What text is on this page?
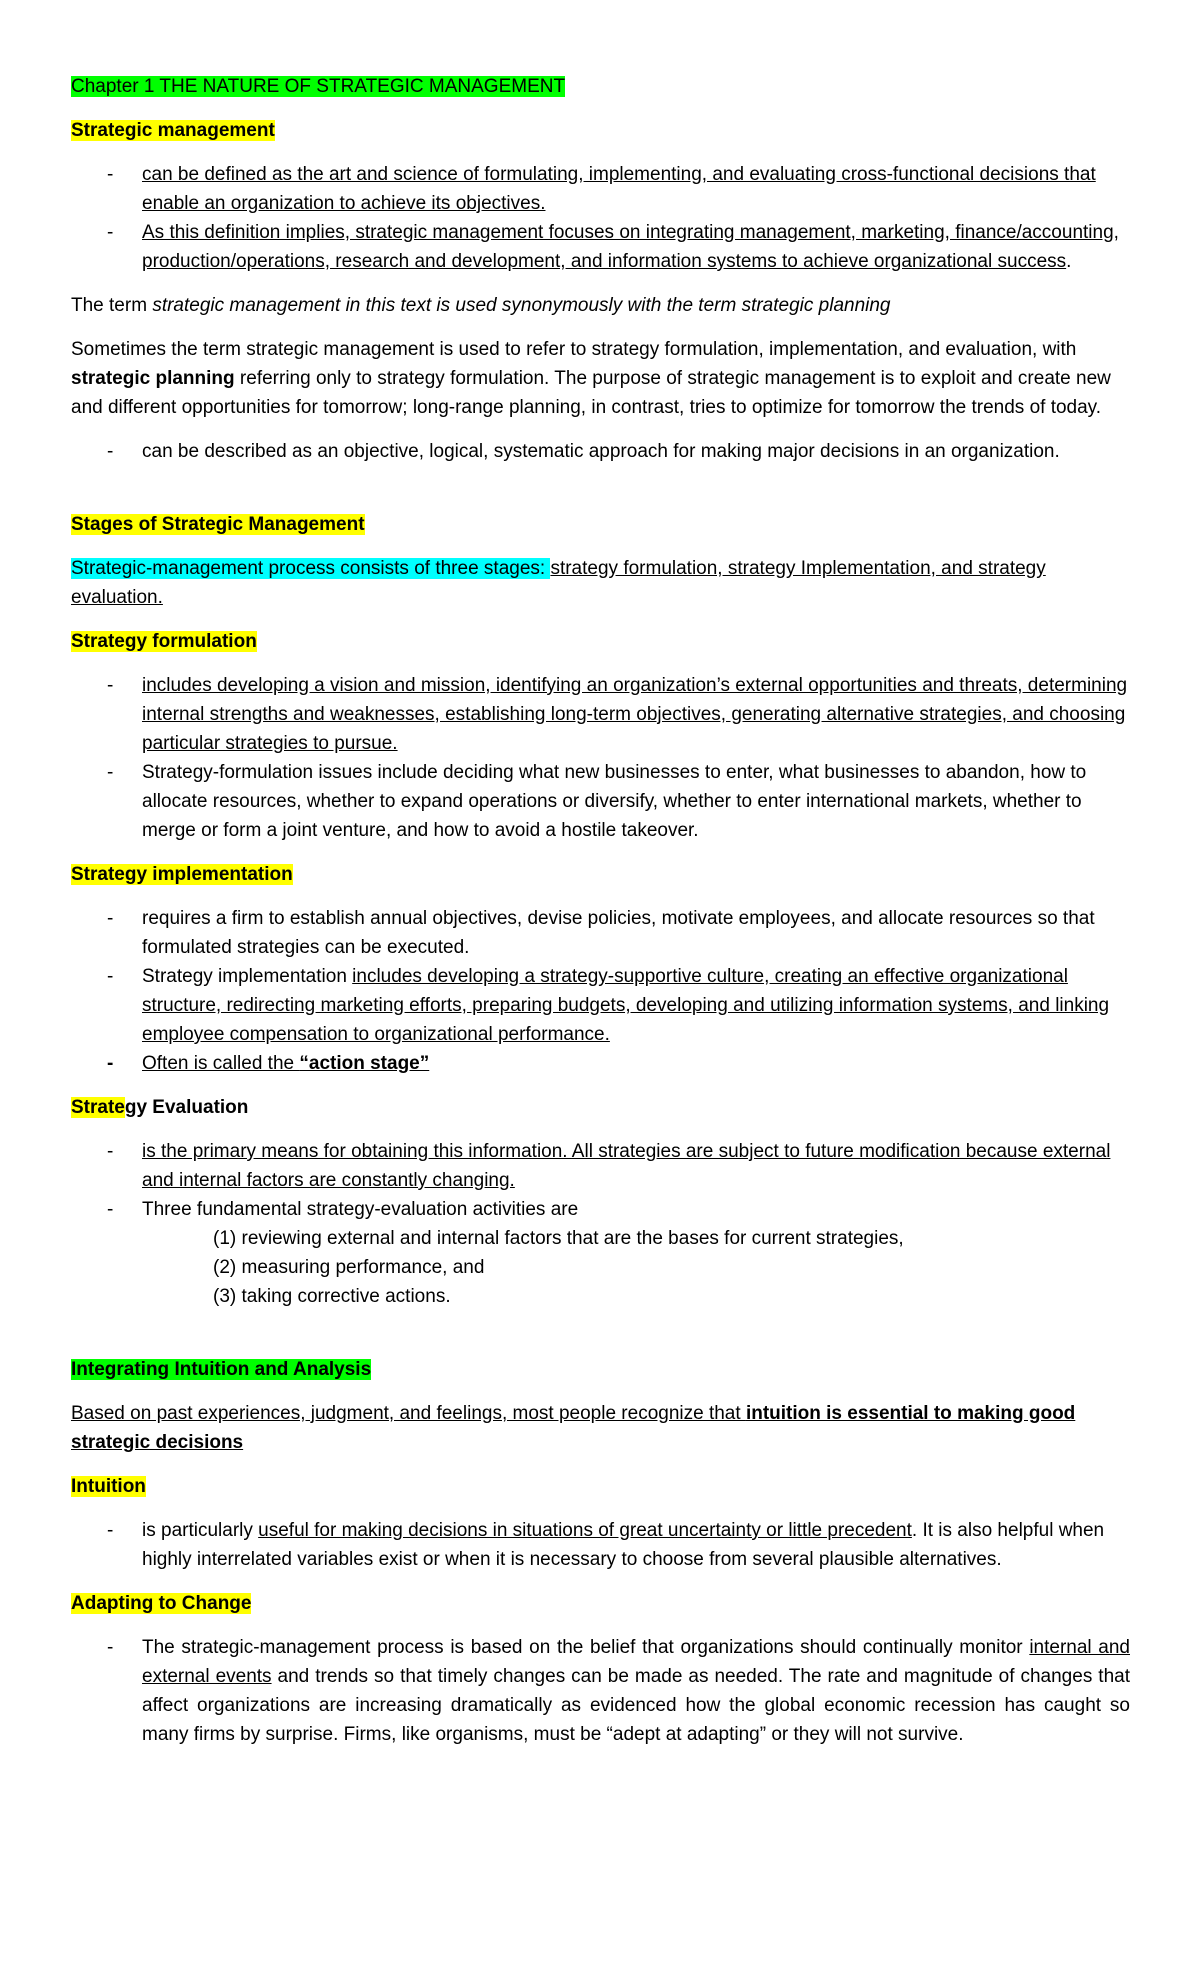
Chapter 1 THE NATURE OF STRATEGIC MANAGEMENT

Strategic management

- can be defined as the art and science of formulating, implementing, and evaluating cross-functional decisions that enable an organization to achieve its objectives.
- As this definition implies, strategic management focuses on integrating management, marketing, finance/accounting, production/operations, research and development, and information systems to achieve organizational success.

The term strategic management in this text is used synonymously with the term strategic planning

Sometimes the term strategic management is used to refer to strategy formulation, implementation, and evaluation, with strategic planning referring only to strategy formulation. The purpose of strategic management is to exploit and create new and different opportunities for tomorrow; long-range planning, in contrast, tries to optimize for tomorrow the trends of today.

- can be described as an objective, logical, systematic approach for making major decisions in an organization.

Stages of Strategic Management

Strategic-management process consists of three stages: strategy formulation, strategy Implementation, and strategy evaluation.

Strategy formulation

- includes developing a vision and mission, identifying an organization’s external opportunities and threats, determining internal strengths and weaknesses, establishing long-term objectives, generating alternative strategies, and choosing particular strategies to pursue.
- Strategy-formulation issues include deciding what new businesses to enter, what businesses to abandon, how to allocate resources, whether to expand operations or diversify, whether to enter international markets, whether to merge or form a joint venture, and how to avoid a hostile takeover.

Strategy implementation

- requires a firm to establish annual objectives, devise policies, motivate employees, and allocate resources so that formulated strategies can be executed.
- Strategy implementation includes developing a strategy-supportive culture, creating an effective organizational structure, redirecting marketing efforts, preparing budgets, developing and utilizing information systems, and linking employee compensation to organizational performance.
- Often is called the “action stage”

Strategy Evaluation

- is the primary means for obtaining this information. All strategies are subject to future modification because external and internal factors are constantly changing.
- Three fundamental strategy-evaluation activities are
(1) reviewing external and internal factors that are the bases for current strategies,
(2) measuring performance, and
(3) taking corrective actions.

Integrating Intuition and Analysis

Based on past experiences, judgment, and feelings, most people recognize that intuition is essential to making good strategic decisions

Intuition

- is particularly useful for making decisions in situations of great uncertainty or little precedent. It is also helpful when highly interrelated variables exist or when it is necessary to choose from several plausible alternatives.

Adapting to Change

- The strategic-management process is based on the belief that organizations should continually monitor internal and external events and trends so that timely changes can be made as needed. The rate and magnitude of changes that affect organizations are increasing dramatically as evidenced how the global economic recession has caught so many firms by surprise. Firms, like organisms, must be “adept at adapting” or they will not survive.
